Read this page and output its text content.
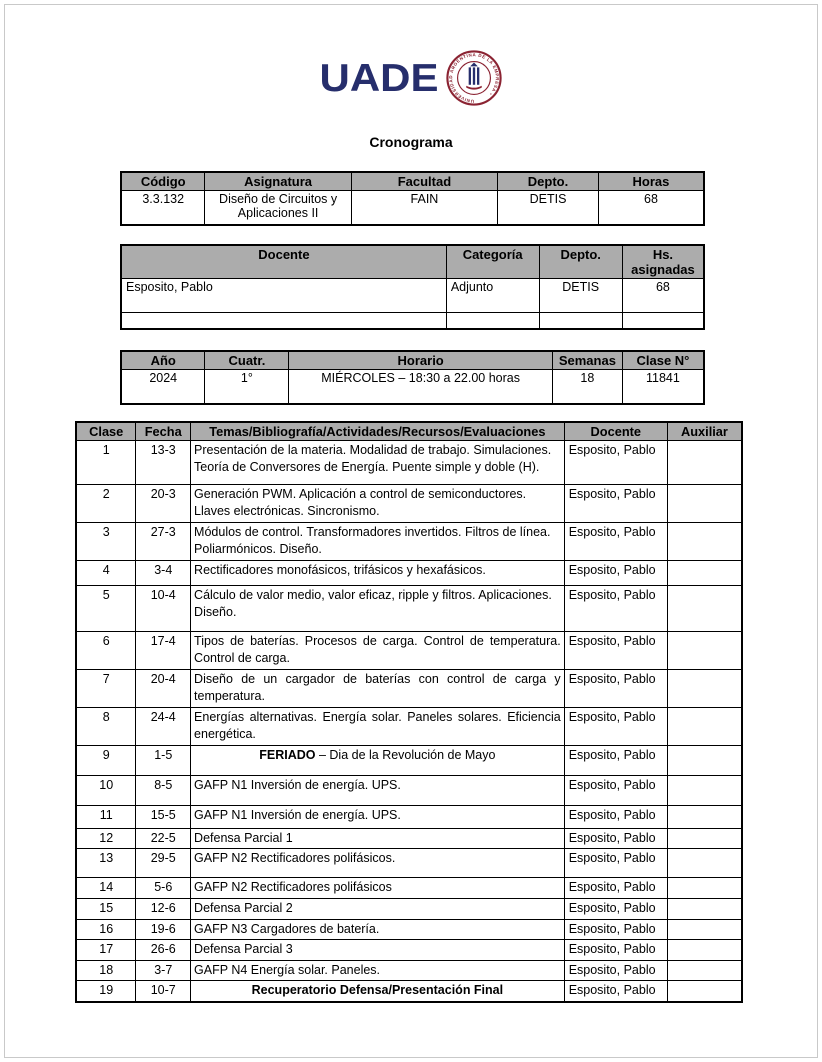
UADE
UNIVERSIDAD ARGENTINA DE LA EMPRESA •
Cronograma
Código	Asignatura	Facultad	Depto.	Horas
3.3.132	Diseño de Circuitos y Aplicaciones II	FAIN	DETIS	68
Docente	Categoría	Depto.	Hs. asignadas
Esposito, Pablo	Adjunto	DETIS	68

Año	Cuatr.	Horario	Semanas	Clase N°
2024	1°	MIÉRCOLES – 18:30 a 22.00 horas	18	11841
Clase	Fecha	Temas/Bibliografía/Actividades/Recursos/Evaluaciones	Docente	Auxiliar
1	13-3	Presentación de la materia. Modalidad de trabajo. Simulaciones. Teoría de Conversores de Energía. Puente simple y doble (H).	Esposito, Pablo	
2	20-3	Generación PWM. Aplicación a control de semiconductores. Llaves electrónicas. Sincronismo.	Esposito, Pablo	
3	27-3	Módulos de control. Transformadores invertidos. Filtros de línea. Poliarmónicos. Diseño.	Esposito, Pablo	
4	3-4	Rectificadores monofásicos, trifásicos y hexafásicos.	Esposito, Pablo	
5	10-4	Cálculo de valor medio, valor eficaz, ripple y filtros. Aplicaciones. Diseño.	Esposito, Pablo	
6	17-4	Tipos de baterías. Procesos de carga. Control de temperatura. Control de carga.	Esposito, Pablo	
7	20-4	Diseño de un cargador de baterías con control de carga y temperatura.	Esposito, Pablo	
8	24-4	Energías alternativas. Energía solar. Paneles solares. Eficiencia energética.	Esposito, Pablo	
9	1-5	FERIADO – Dia de la Revolución de Mayo	Esposito, Pablo	
10	8-5	GAFP N1 Inversión de energía. UPS.	Esposito, Pablo	
11	15-5	GAFP N1 Inversión de energía. UPS.	Esposito, Pablo	
12	22-5	Defensa Parcial 1	Esposito, Pablo	
13	29-5	GAFP N2 Rectificadores polifásicos.	Esposito, Pablo	
14	5-6	GAFP N2 Rectificadores polifásicos	Esposito, Pablo	
15	12-6	Defensa Parcial 2	Esposito, Pablo	
16	19-6	GAFP N3 Cargadores de batería.	Esposito, Pablo	
17	26-6	Defensa Parcial 3	Esposito, Pablo	
18	3-7	GAFP N4 Energía solar. Paneles.	Esposito, Pablo	
19	10-7	Recuperatorio Defensa/Presentación Final	Esposito, Pablo	
